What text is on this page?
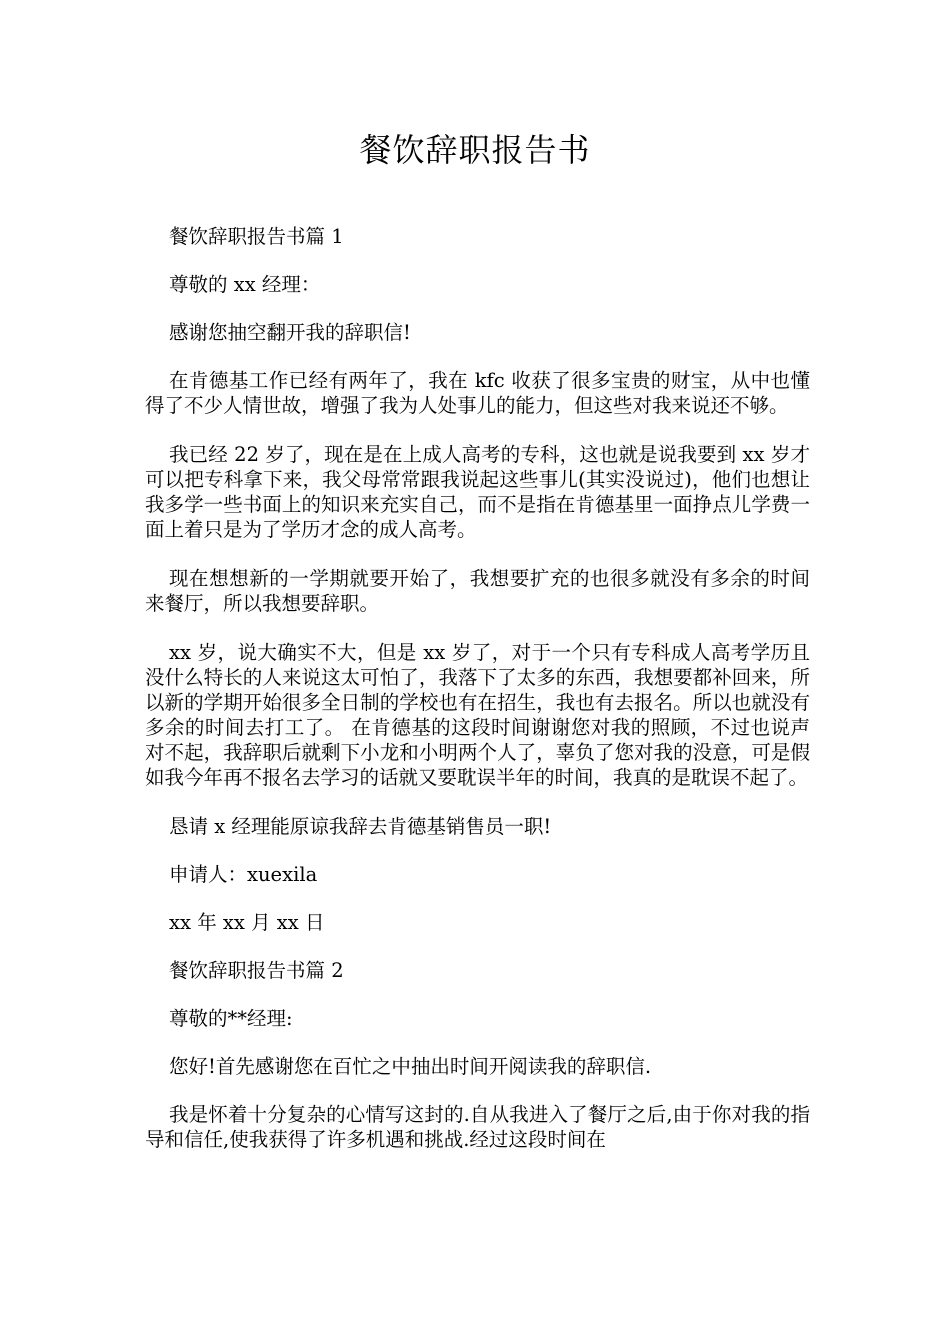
餐饮辞职报告书

餐饮辞职报告书篇 1

尊敬的 xx 经理：

感谢您抽空翻开我的辞职信!

在肯德基工作已经有两年了，我在 kfc 收获了很多宝贵的财宝，从中也懂得了不少人情世故，增强了我为人处事儿的能力，但这些对我来说还不够。

我已经 22 岁了，现在是在上成人高考的专科，这也就是说我要到 xx 岁才可以把专科拿下来，我父母常常跟我说起这些事儿(其实没说过)，他们也想让我多学一些书面上的知识来充实自己，而不是指在肯德基里一面挣点儿学费一面上着只是为了学历才念的成人高考。

现在想想新的一学期就要开始了，我想要扩充的也很多就没有多余的时间来餐厅，所以我想要辞职。

xx 岁，说大确实不大，但是 xx 岁了，对于一个只有专科成人高考学历且没什么特长的人来说这太可怕了，我落下了太多的东西，我想要都补回来，所以新的学期开始很多全日制的学校也有在招生，我也有去报名。所以也就没有多余的时间去打工了。 在肯德基的这段时间谢谢您对我的照顾，不过也说声对不起，我辞职后就剩下小龙和小明两个人了，辜负了您对我的没意，可是假如我今年再不报名去学习的话就又要耽误半年的时间，我真的是耽误不起了。

恳请 x 经理能原谅我辞去肯德基销售员一职!

申请人：xuexila

xx 年 xx 月 xx 日

餐饮辞职报告书篇 2

尊敬的**经理:

您好!首先感谢您在百忙之中抽出时间开阅读我的辞职信.

我是怀着十分复杂的心情写这封的.自从我进入了餐厅之后,由于你对我的指导和信任,使我获得了许多机遇和挑战.经过这段时间在
